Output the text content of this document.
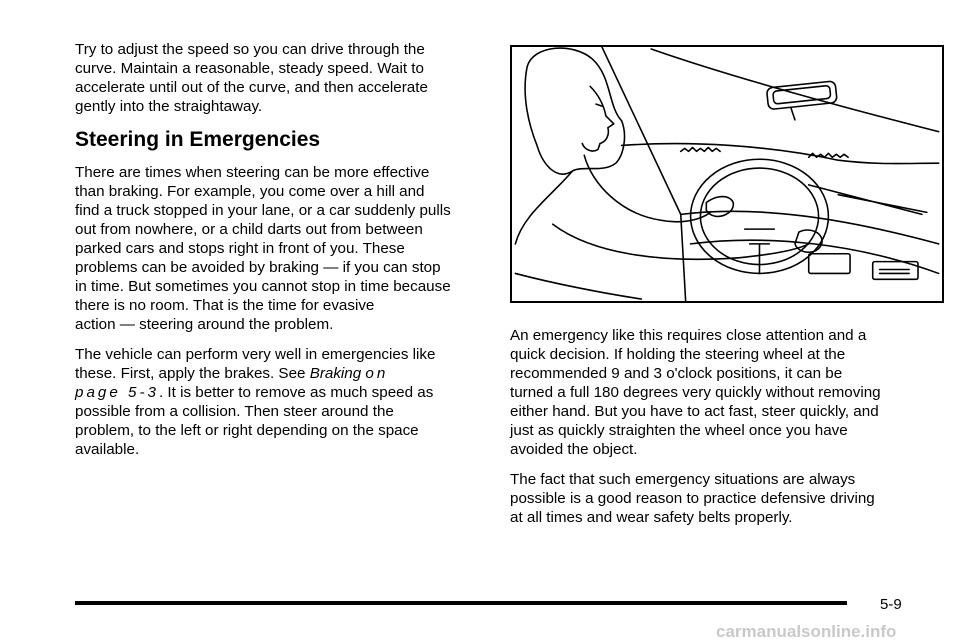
Try to adjust the speed so you can drive through the
curve. Maintain a reasonable, steady speed. Wait to
accelerate until out of the curve, and then accelerate
gently into the straightaway.

Steering in Emergencies

There are times when steering can be more effective
than braking. For example, you come over a hill and
find a truck stopped in your lane, or a car suddenly pulls
out from nowhere, or a child darts out from between
parked cars and stops right in front of you. These
problems can be avoided by braking — if you can stop
in time. But sometimes you cannot stop in time because
there is no room. That is the time for evasive
action — steering around the problem.

The vehicle can perform very well in emergencies like
these. First, apply the brakes. See Braking on
page 5-3. It is better to remove as much speed as
possible from a collision. Then steer around the
problem, to the left or right depending on the space
available.

An emergency like this requires close attention and a
quick decision. If holding the steering wheel at the
recommended 9 and 3 o'clock positions, it can be
turned a full 180 degrees very quickly without removing
either hand. But you have to act fast, steer quickly, and
just as quickly straighten the wheel once you have
avoided the object.

The fact that such emergency situations are always
possible is a good reason to practice defensive driving
at all times and wear safety belts properly.

5-9
carmanualsonline.info
